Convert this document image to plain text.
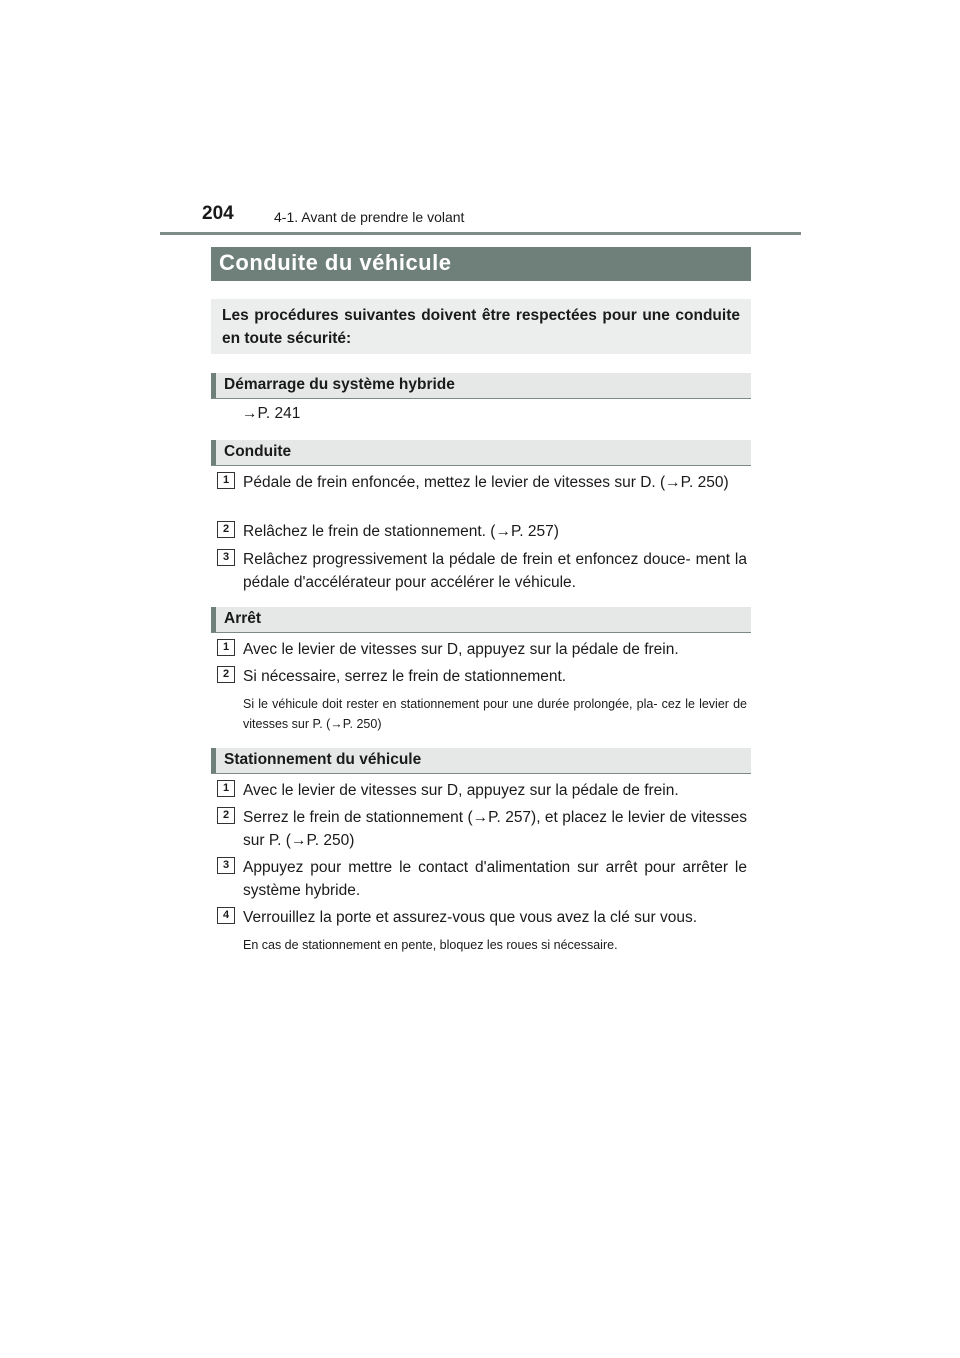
204	4-1. Avant de prendre le volant
Conduite du véhicule

Les procédures suivantes doivent être respectées pour une conduite en toute sécurité:

Démarrage du système hybride
→P. 241
Conduite
1 Pédale de frein enfoncée, mettez le levier de vitesses sur D. (→P. 250)
2 Relâchez le frein de stationnement. (→P. 257)
3 Relâchez progressivement la pédale de frein et enfoncez douce- ment la pédale d'accélérateur pour accélérer le véhicule.
Arrêt
1 Avec le levier de vitesses sur D, appuyez sur la pédale de frein.
2 Si nécessaire, serrez le frein de stationnement.
Si le véhicule doit rester en stationnement pour une durée prolongée, pla- cez le levier de vitesses sur P. (→P. 250)
Stationnement du véhicule
1 Avec le levier de vitesses sur D, appuyez sur la pédale de frein.
2 Serrez le frein de stationnement (→P. 257), et placez le levier de vitesses sur P. (→P. 250)
3 Appuyez pour mettre le contact d'alimentation sur arrêt pour arrêter le système hybride.
4 Verrouillez la porte et assurez-vous que vous avez la clé sur vous.
En cas de stationnement en pente, bloquez les roues si nécessaire.
